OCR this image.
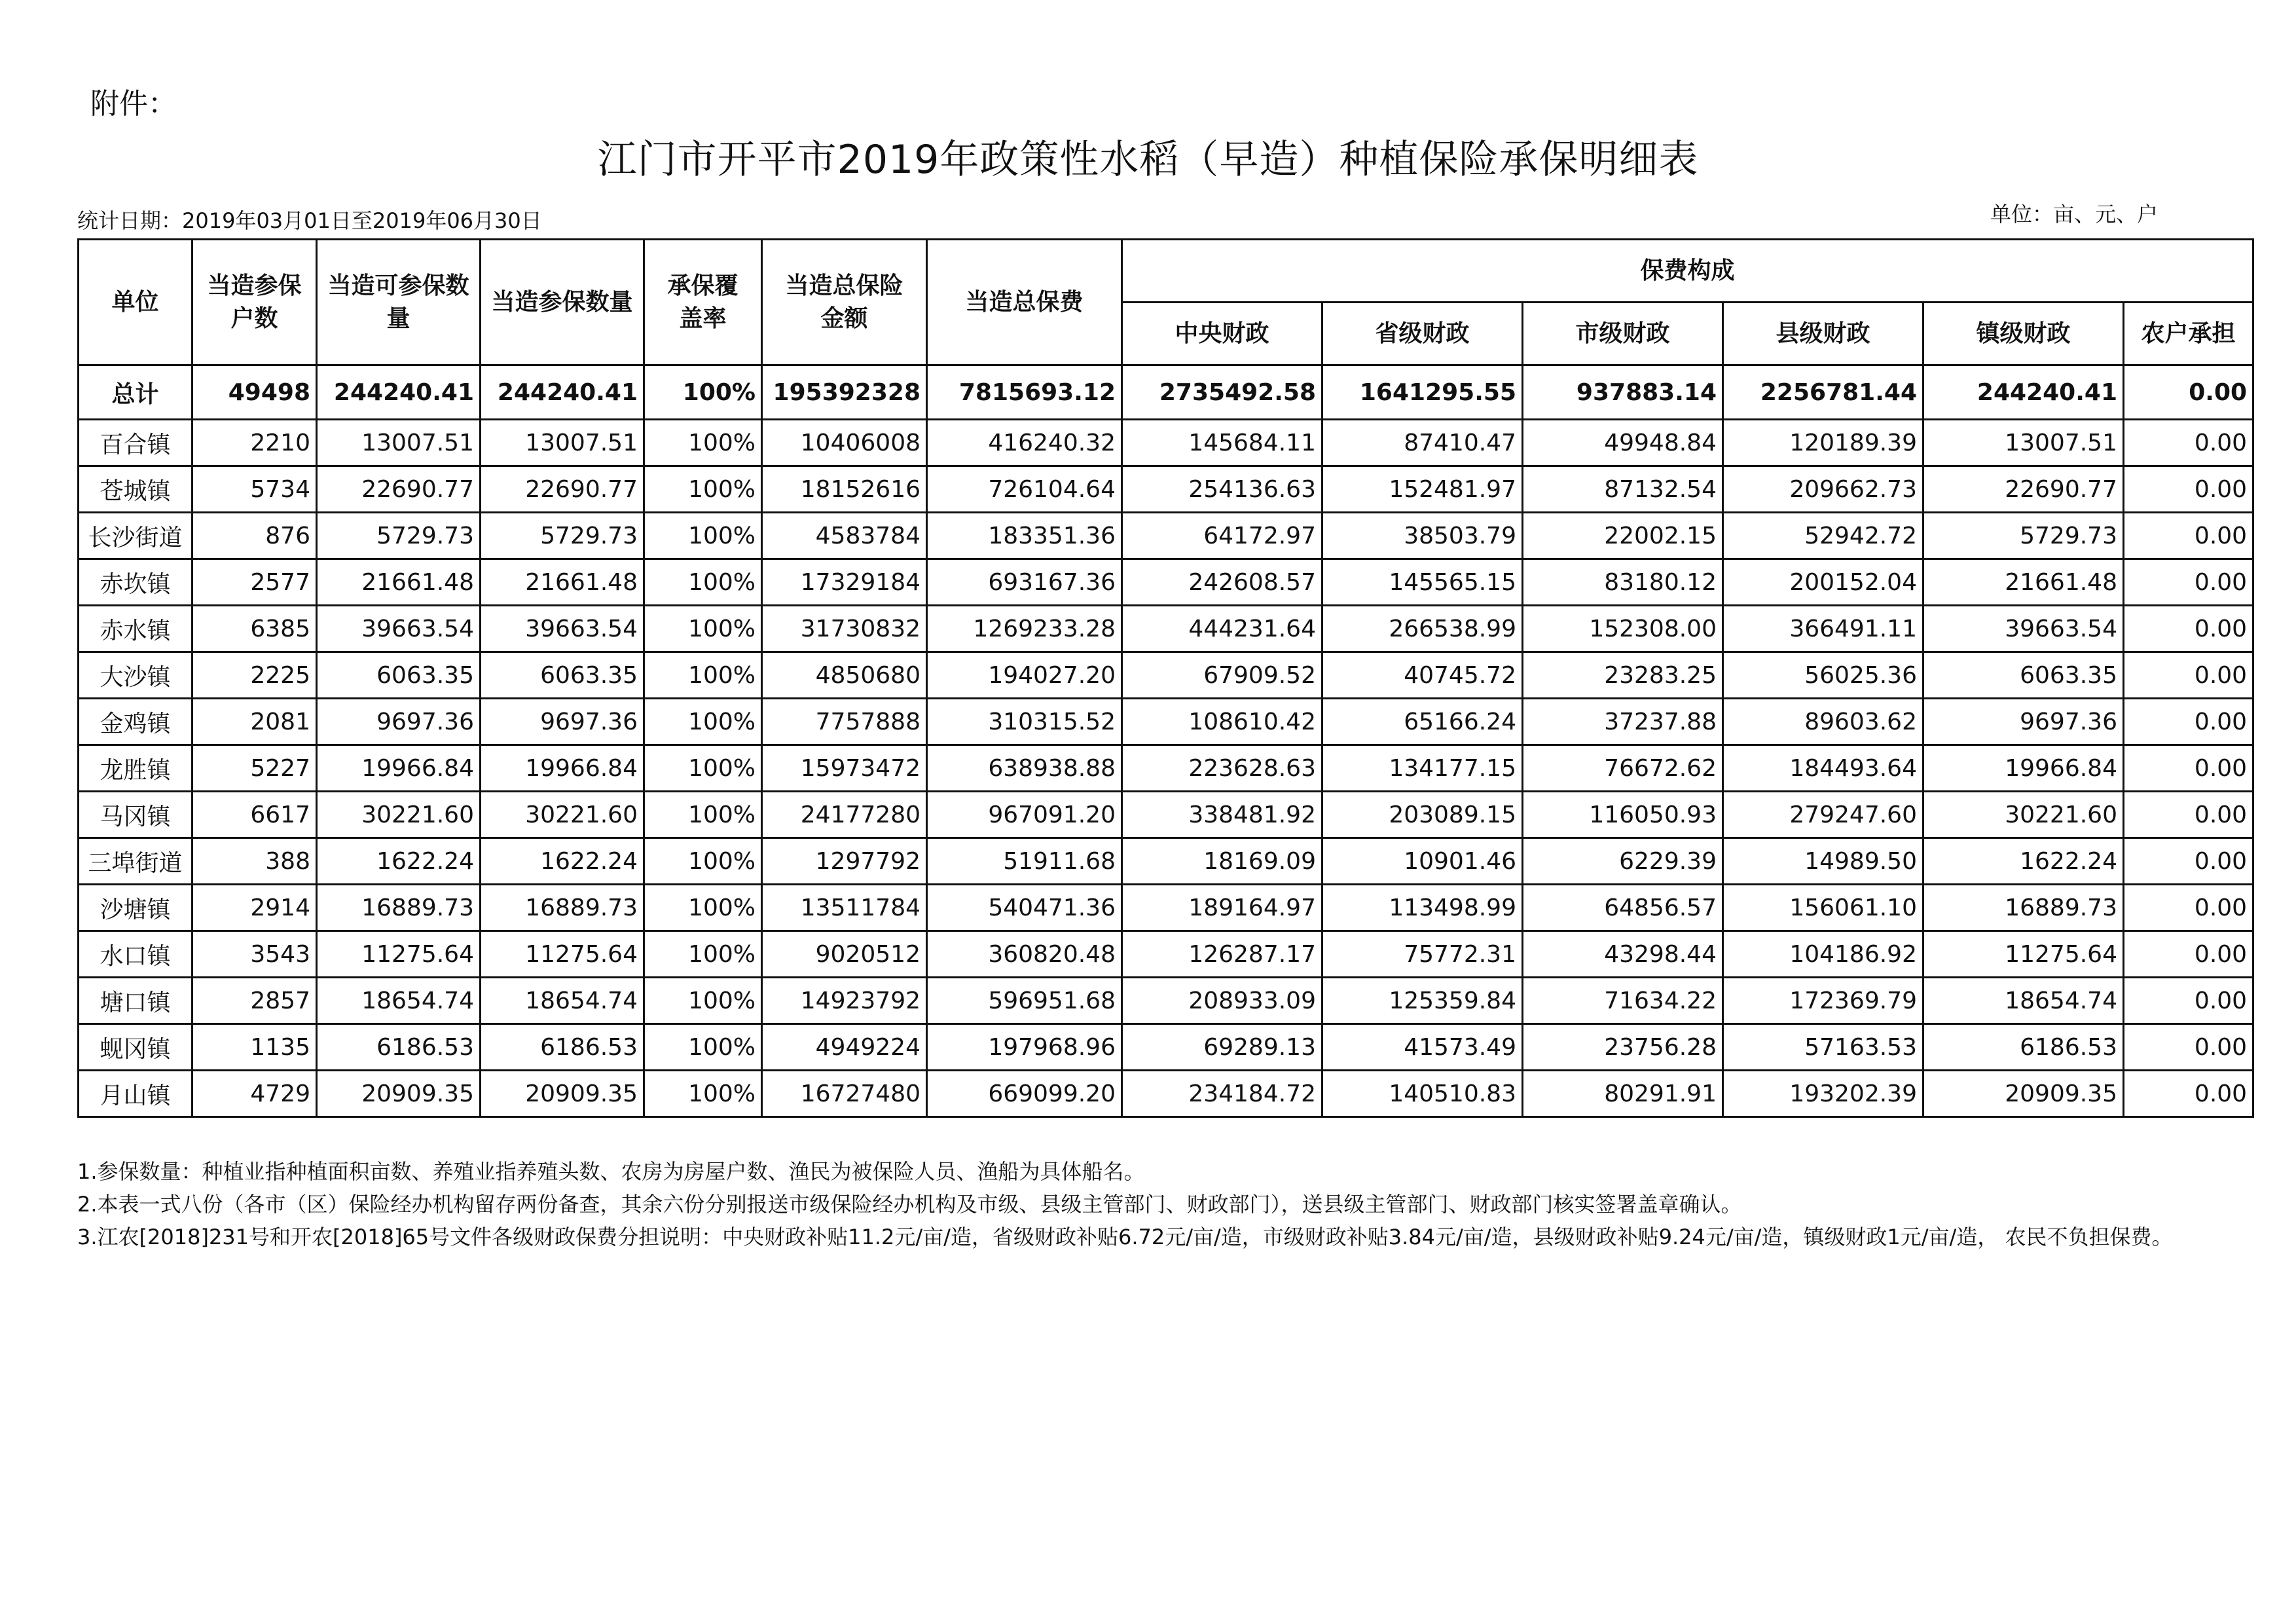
附件：
江门市开平市2019年政策性水稻（早造）种植保险承保明细表
统计日期：2019年03月01日至2019年06月30日	单位：亩、元、户
单位	当造参保户数	当造可参保数量	当造参保数量	承保覆盖率	当造总保险金额	当造总保费	保费构成					
							中央财政	省级财政	市级财政	县级财政	镇级财政	农户承担
总计	49498	244240.41	244240.41	100%	195392328	7815693.12	2735492.58	1641295.55	937883.14	2256781.44	244240.41	0.00
百合镇	2210	13007.51	13007.51	100%	10406008	416240.32	145684.11	87410.47	49948.84	120189.39	13007.51	0.00
苍城镇	5734	22690.77	22690.77	100%	18152616	726104.64	254136.63	152481.97	87132.54	209662.73	22690.77	0.00
长沙街道	876	5729.73	5729.73	100%	4583784	183351.36	64172.97	38503.79	22002.15	52942.72	5729.73	0.00
赤坎镇	2577	21661.48	21661.48	100%	17329184	693167.36	242608.57	145565.15	83180.12	200152.04	21661.48	0.00
赤水镇	6385	39663.54	39663.54	100%	31730832	1269233.28	444231.64	266538.99	152308.00	366491.11	39663.54	0.00
大沙镇	2225	6063.35	6063.35	100%	4850680	194027.20	67909.52	40745.72	23283.25	56025.36	6063.35	0.00
金鸡镇	2081	9697.36	9697.36	100%	7757888	310315.52	108610.42	65166.24	37237.88	89603.62	9697.36	0.00
龙胜镇	5227	19966.84	19966.84	100%	15973472	638938.88	223628.63	134177.15	76672.62	184493.64	19966.84	0.00
马冈镇	6617	30221.60	30221.60	100%	24177280	967091.20	338481.92	203089.15	116050.93	279247.60	30221.60	0.00
三埠街道	388	1622.24	1622.24	100%	1297792	51911.68	18169.09	10901.46	6229.39	14989.50	1622.24	0.00
沙塘镇	2914	16889.73	16889.73	100%	13511784	540471.36	189164.97	113498.99	64856.57	156061.10	16889.73	0.00
水口镇	3543	11275.64	11275.64	100%	9020512	360820.48	126287.17	75772.31	43298.44	104186.92	11275.64	0.00
塘口镇	2857	18654.74	18654.74	100%	14923792	596951.68	208933.09	125359.84	71634.22	172369.79	18654.74	0.00
蚬冈镇	1135	6186.53	6186.53	100%	4949224	197968.96	69289.13	41573.49	23756.28	57163.53	6186.53	0.00
月山镇	4729	20909.35	20909.35	100%	16727480	669099.20	234184.72	140510.83	80291.91	193202.39	20909.35	0.00
1.参保数量：种植业指种植面积亩数、养殖业指养殖头数、农房为房屋户数、渔民为被保险人员、渔船为具体船名。
2.本表一式八份（各市（区）保险经办机构留存两份备查，其余六份分别报送市级保险经办机构及市级、县级主管部门、财政部门），送县级主管部门、财政部门核实签署盖章确认。
3.江农[2018]231号和开农[2018]65号文件各级财政保费分担说明：中央财政补贴11.2元/亩/造，省级财政补贴6.72元/亩/造，市级财政补贴3.84元/亩/造，县级财政补贴9.24元/亩/造，镇级财政1元/亩/造， 农民不负担保费。
